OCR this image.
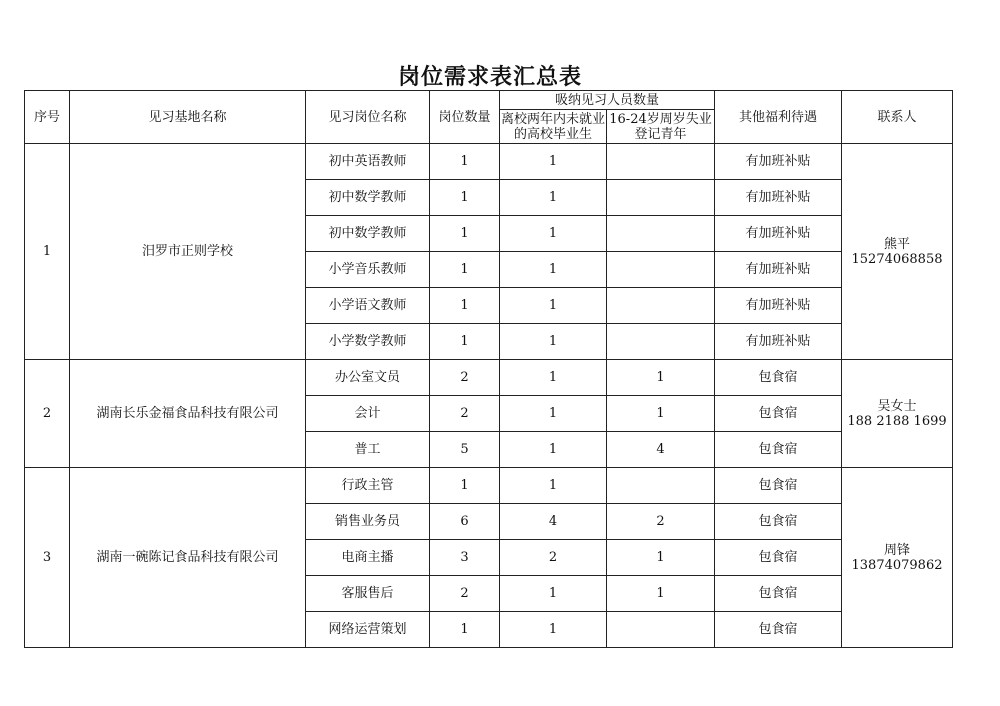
岗位需求表汇总表
序号	见习基地名称	见习岗位名称	岗位数量	吸纳见习人员数量		其他福利待遇	联系人
				离校两年内未就业的高校毕业生	16-24岁周岁失业登记青年		
1	汨罗市正则学校	初中英语教师	1	1		有加班补贴	熊平
15274068858

		初中数学教师	1	1		有加班补贴	
		初中数学教师	1	1		有加班补贴	
		小学音乐教师	1	1		有加班补贴	
		小学语文教师	1	1		有加班补贴	
		小学数学教师	1	1		有加班补贴	
2	湖南长乐金福食品科技有限公司	办公室文员	2	1	1	包食宿	吴女士
188 2188 1699

		会计	2	1	1	包食宿	
		普工	5	1	4	包食宿	
3	湖南一碗陈记食品科技有限公司	行政主管	1	1		包食宿	周锋
13874079862

		销售业务员	6	4	2	包食宿	
		电商主播	3	2	1	包食宿	
		客服售后	2	1	1	包食宿	
		网络运营策划	1	1		包食宿	
